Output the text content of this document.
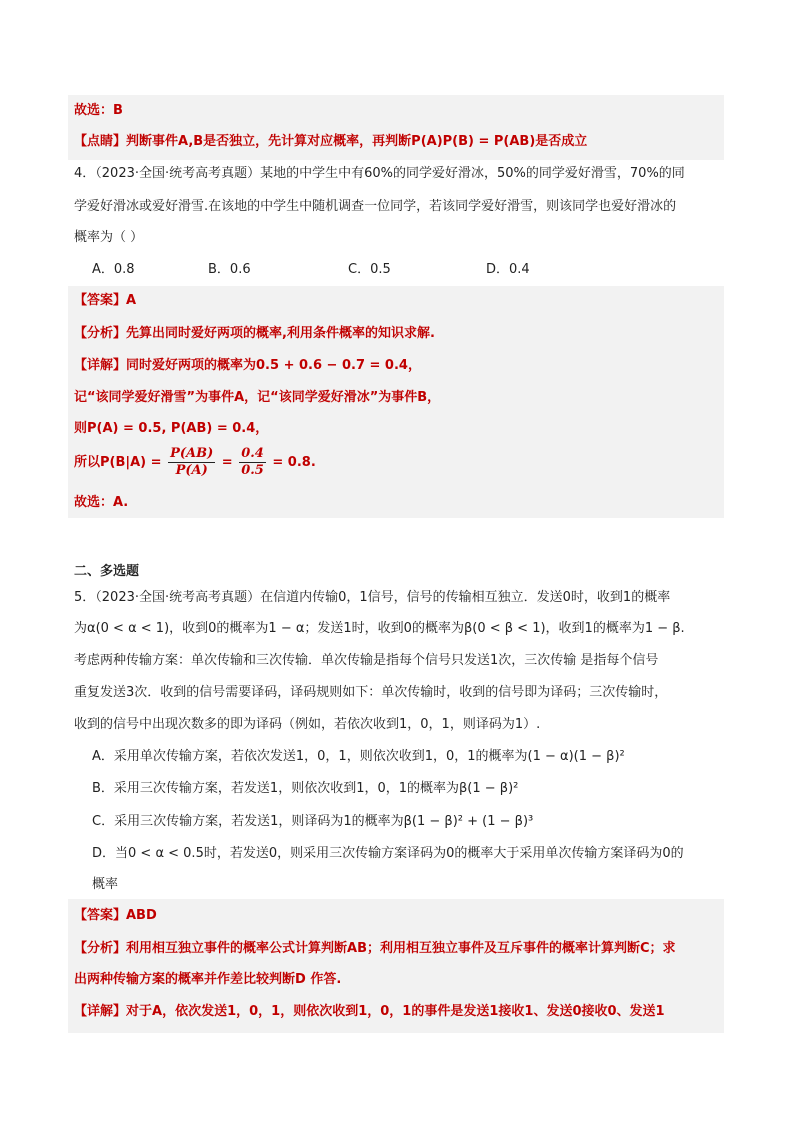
故选：B
【点睛】判断事件A,B是否独立，先计算对应概率，再判断P(A)P(B) = P(AB)是否成立
4．（2023·全国·统考高考真题）某地的中学生中有60%的同学爱好滑冰，50%的同学爱好滑雪，70%的同
学爱好滑冰或爱好滑雪.在该地的中学生中随机调查一位同学，若该同学爱好滑雪，则该同学也爱好滑冰的
概率为（ ）
A．0.8	B．0.6	C．0.5	D．0.4
【答案】A
【分析】先算出同时爱好两项的概率,利用条件概率的知识求解.
【详解】同时爱好两项的概率为0.5 + 0.6 − 0.7 = 0.4，
记“该同学爱好滑雪”为事件A，记“该同学爱好滑冰”为事件B，
则P(A) = 0.5, P(AB) = 0.4，
所以$P(B|A) = \frac{P(AB)}{P(A)} = \frac{0.4}{0.5} = 0.8$.
故选：A.
二、多选题
5．（2023·全国·统考高考真题）在信道内传输0，1信号，信号的传输相互独立．发送0时，收到1的概率
为α(0 < α < 1)，收到0的概率为1 − α；发送1时，收到0的概率为β(0 < β < 1)，收到1的概率为1 − β.
考虑两种传输方案：单次传输和三次传输．单次传输是指每个信号只发送1次，三次传输 是指每个信号
重复发送3次．收到的信号需要译码，译码规则如下：单次传输时，收到的信号即为译码；三次传输时，
收到的信号中出现次数多的即为译码（例如，若依次收到1，0，1，则译码为1）.
A．采用单次传输方案，若依次发送1，0，1，则依次收到1，0，1的概率为(1 − α)(1 − β)²
B．采用三次传输方案，若发送1，则依次收到1，0，1的概率为β(1 − β)²
C．采用三次传输方案，若发送1，则译码为1的概率为β(1 − β)² + (1 − β)³
D．当0 < α < 0.5时，若发送0，则采用三次传输方案译码为0的概率大于采用单次传输方案译码为0的
概率
【答案】ABD
【分析】利用相互独立事件的概率公式计算判断AB；利用相互独立事件及互斥事件的概率计算判断C；求
出两种传输方案的概率并作差比较判断D 作答.
【详解】对于A，依次发送1，0，1，则依次收到1，0，1的事件是发送1接收1、发送0接收0、发送1
